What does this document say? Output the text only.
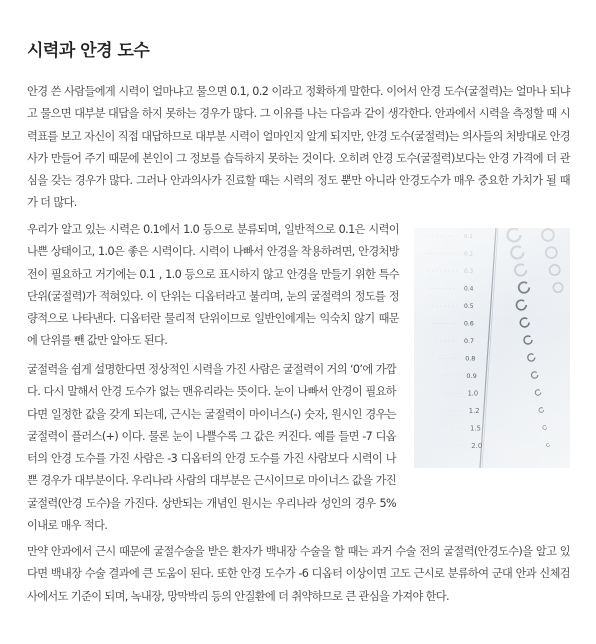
시력과 안경 도수

안경 쓴 사람들에게 시력이 얼마냐고 물으면 0.1, 0.2 이라고 정확하게 말한다. 이어서 안경 도수(굴절력)는 얼마나 되냐고 물으면 대부분 대답을 하지 못하는 경우가 많다. 그 이유를 나는 다음과 같이 생각한다. 안과에서 시력을 측정할 때 시력표를 보고 자신이 직접 대답하므로 대부분 시력이 얼마인지 알게 되지만, 안경 도수(굴절력)는 의사들의 처방대로 안경사가 만들어 주기 때문에 본인이 그 정보를 습득하지 못하는 것이다. 오히려 안경 도수(굴절력)보다는 안경 가격에 더 관심을 갖는 경우가 많다. 그러나 안과의사가 진료할 때는 시력의 정도 뿐만 아니라 안경도수가 매우 중요한 가치가 될 때가 더 많다.

우리가 알고 있는 시력은 0.1에서 1.0 등으로 분류되며, 일반적으로 0.1은 시력이 나쁜 상태이고, 1.0은 좋은 시력이다. 시력이 나빠서 안경을 착용하려면, 안경처방전이 필요하고 거기에는 0.1 , 1.0 등으로 표시하지 않고 안경을 만들기 위한 특수 단위(굴절력)가 적혀있다. 이 단위는 디옵터라고 불리며, 눈의 굴절력의 정도를 정량적으로 나타낸다. 디옵터란 물리적 단위이므로 일반인에게는 익숙치 않기 때문에 단위를 뺀 값만 알아도 된다.

굴절력을 쉽게 설명한다면 정상적인 시력을 가진 사람은 굴절력이 거의 ‘0’에 가깝다. 다시 말해서 안경 도수가 없는 맨유리라는 뜻이다. 눈이 나빠서 안경이 필요하다면 일정한 값을 갖게 되는데, 근시는 굴절력이 마이너스(-) 숫자, 원시인 경우는 굴절력이 플러스(+) 이다. 물론 눈이 나쁠수록 그 값은 커진다. 예를 들면 -7 디옵터의 안경 도수를 가진 사람은 -3 디옵터의 안경 도수를 가진 사람보다 시력이 나쁜 경우가 대부분이다. 우리나라 사람의 대부분은 근시이므로 마이너스 값을 가진 굴절력(안경 도수)을 가진다. 상반되는 개념인 원시는 우리나라 성인의 경우 5% 이내로 매우 적다.

만약 안과에서 근시 때문에 굴절수술을 받은 환자가 백내장 수술을 할 때는 과거 수술 전의 굴절력(안경도수)을 알고 있다면 백내장 수술 결과에 큰 도움이 된다. 또한 안경 도수가 -6 디옵터 이상이면 고도 근시로 분류하여 군대 안과 신체검사에서도 기준이 되며, 녹내장, 망막박리 등의 안질환에 더 취약하므로 큰 관심을 가져야 한다.
